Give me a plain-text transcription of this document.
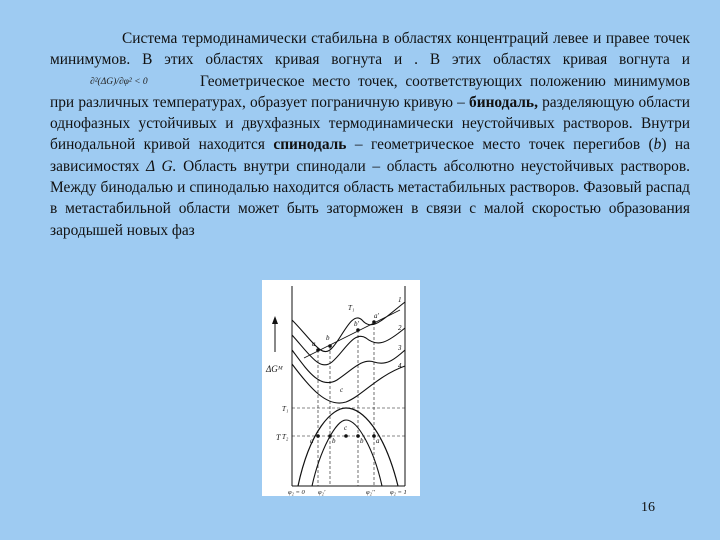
Система термодинамически стабильна в областях концентраций левее и правее точек минимумов. В этих областях кривая вогнута и . В этих областях кривая вогнута и
∂²(ΔG)/∂φ² < 0	Геометрическое место точек, соответствующих положению минимумов при различных температурах, образует пограничную кривую – бинодаль, разделяющую области однофазных устойчивых и двухфазных термодинамически неустойчивых растворов. Внутри бинодальной кривой находится спинодаль – геометрическое место точек перегибов (b) на зависимостях Δ G. Область внутри спинодали – область абсолютно неустойчивых растворов. Между бинодалью и спинодалью находится область метастабильных растворов. Фазовый распад в метастабильной области может быть заторможен в связи с малой скоростью образования зародышей новых фаз

ΔGᴹ
T
T₁
1
2
3
4
a
b
b'
a'
c
T₁
T₂	a	b
c
b' a'
φ₂ = 0 φ₂'	φ₂'' φ₂ = 1
16
